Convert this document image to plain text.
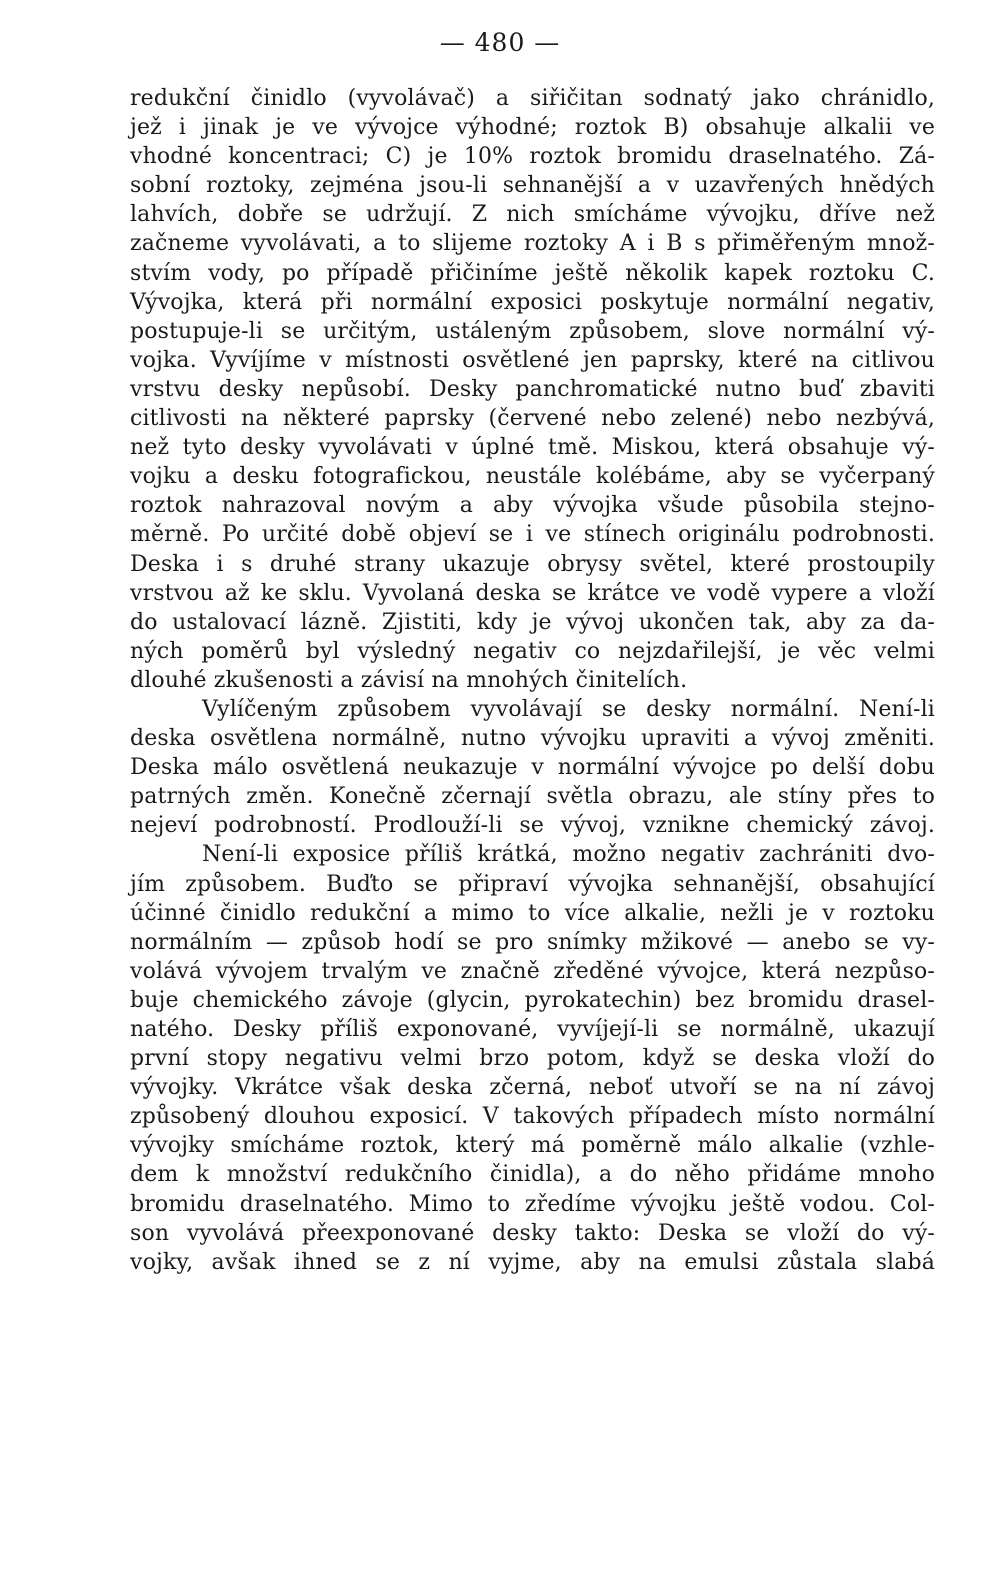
— 480 —
redukční činidlo (vyvolávač) a siřičitan sodnatý jako chránidlo,
jež i jinak je ve vývojce výhodné; roztok B) obsahuje alkalii ve
vhodné koncentraci; C) je 10% roztok bromidu draselnatého. Zá-
sobní roztoky, zejména jsou-li sehnanější a v uzavřených hnědých
lahvích, dobře se udržují. Z nich smícháme vývojku, dříve než
začneme vyvolávati, a to slijeme roztoky A i B s přiměřeným množ-
stvím vody, po případě přičiníme ještě několik kapek roztoku C.
Vývojka, která při normální exposici poskytuje normální negativ,
postupuje-li se určitým, ustáleným způsobem, slove normální vý-
vojka. Vyvíjíme v místnosti osvětlené jen paprsky, které na citlivou
vrstvu desky nepůsobí. Desky panchromatické nutno buď zbaviti
citlivosti na některé paprsky (červené nebo zelené) nebo nezbývá,
než tyto desky vyvolávati v úplné tmě. Miskou, která obsahuje vý-
vojku a desku fotografickou, neustále kolébáme, aby se vyčerpaný
roztok nahrazoval novým a aby vývojka všude působila stejno-
měrně. Po určité době objeví se i ve stínech originálu podrobnosti.
Deska i s druhé strany ukazuje obrysy světel, které prostoupily
vrstvou až ke sklu. Vyvolaná deska se krátce ve vodě vypere a vloží
do ustalovací lázně. Zjistiti, kdy je vývoj ukončen tak, aby za da-
ných poměrů byl výsledný negativ co nejzdařilejší, je věc velmi
dlouhé zkušenosti a závisí na mnohých činitelích.
Vylíčeným způsobem vyvolávají se desky normální. Není-li
deska osvětlena normálně, nutno vývojku upraviti a vývoj změniti.
Deska málo osvětlená neukazuje v normální vývojce po delší dobu
patrných změn. Konečně zčernají světla obrazu, ale stíny přes to
nejeví podrobností. Prodlouží-li se vývoj, vznikne chemický závoj.
Není-li exposice příliš krátká, možno negativ zachrániti dvo-
jím způsobem. Buďto se připraví vývojka sehnanější, obsahující
účinné činidlo redukční a mimo to více alkalie, nežli je v roztoku
normálním — způsob hodí se pro snímky mžikové — anebo se vy-
volává vývojem trvalým ve značně zředěné vývojce, která nezpůso-
buje chemického závoje (glycin, pyrokatechin) bez bromidu drasel-
natého. Desky příliš exponované, vyvíjejí-li se normálně, ukazují
první stopy negativu velmi brzo potom, když se deska vloží do
vývojky. Vkrátce však deska zčerná, neboť utvoří se na ní závoj
způsobený dlouhou exposicí. V takových případech místo normální
vývojky smícháme roztok, který má poměrně málo alkalie (vzhle-
dem k množství redukčního činidla), a do něho přidáme mnoho
bromidu draselnatého. Mimo to zředíme vývojku ještě vodou. Col-
son vyvolává přeexponované desky takto: Deska se vloží do vý-
vojky, avšak ihned se z ní vyjme, aby na emulsi zůstala slabá
